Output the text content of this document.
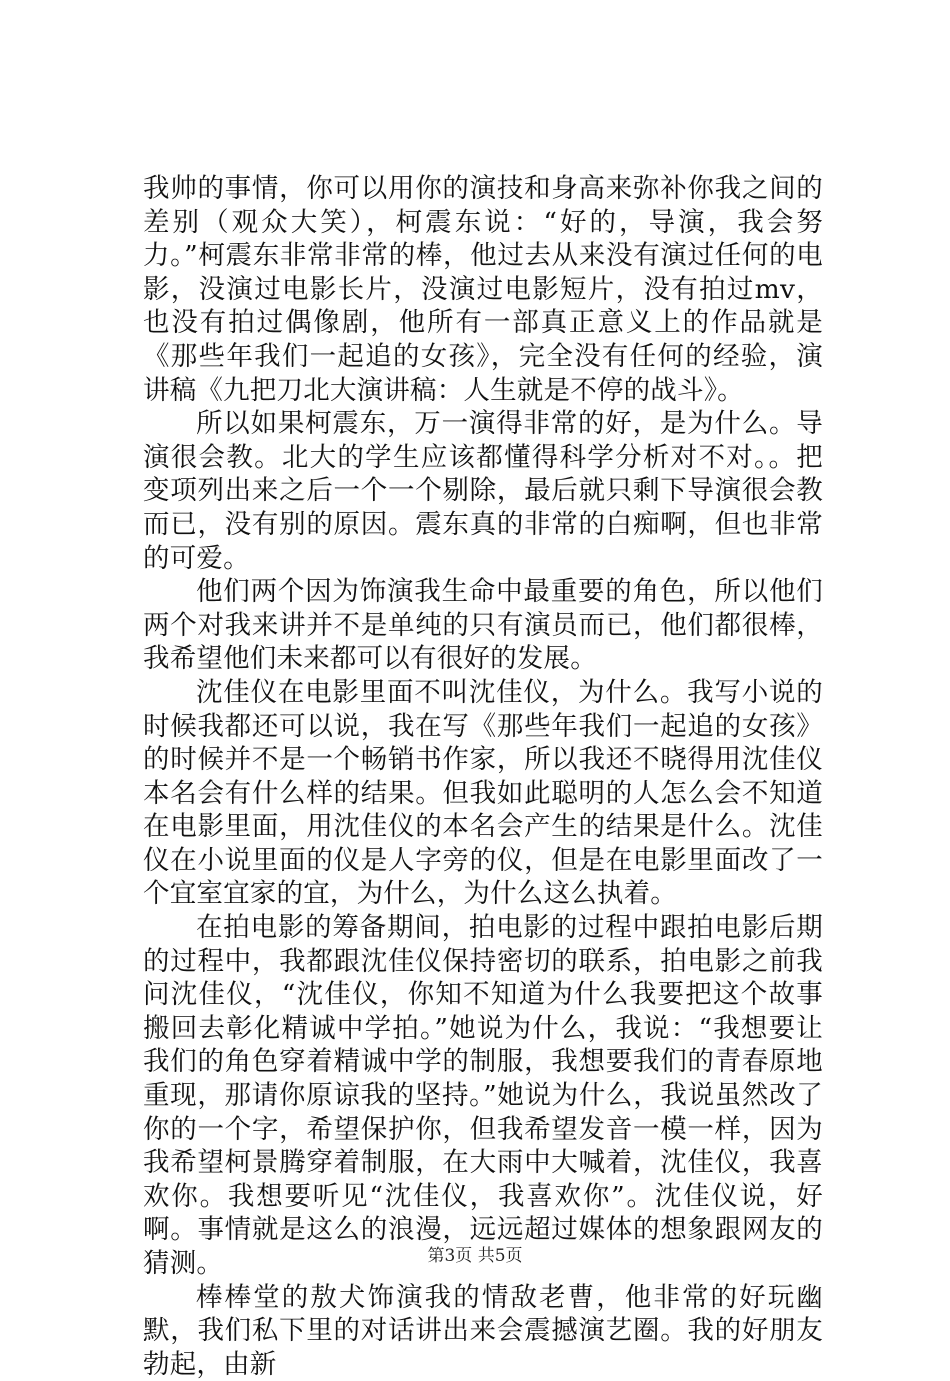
我帅的事情，你可以用你的演技和身高来弥补你我之间的差别（观众大笑），柯震东说：“好的，导演，我会努力。”柯震东非常非常的棒，他过去从来没有演过任何的电影，没演过电影长片，没演过电影短片，没有拍过mv，也没有拍过偶像剧，他所有一部真正意义上的作品就是《那些年我们一起追的女孩》，完全没有任何的经验，演讲稿《九把刀北大演讲稿：人生就是不停的战斗》。

所以如果柯震东，万一演得非常的好，是为什么。导演很会教。北大的学生应该都懂得科学分析对不对。。把变项列出来之后一个一个剔除，最后就只剩下导演很会教而已，没有别的原因。震东真的非常的白痴啊，但也非常的可爱。

他们两个因为饰演我生命中最重要的角色，所以他们两个对我来讲并不是单纯的只有演员而已，他们都很棒，我希望他们未来都可以有很好的发展。

沈佳仪在电影里面不叫沈佳仪，为什么。我写小说的时候我都还可以说，我在写《那些年我们一起追的女孩》的时候并不是一个畅销书作家，所以我还不晓得用沈佳仪本名会有什么样的结果。但我如此聪明的人怎么会不知道在电影里面，用沈佳仪的本名会产生的结果是什么。沈佳仪在小说里面的仪是人字旁的仪，但是在电影里面改了一个宜室宜家的宜，为什么，为什么这么执着。

在拍电影的筹备期间，拍电影的过程中跟拍电影后期的过程中，我都跟沈佳仪保持密切的联系，拍电影之前我问沈佳仪，“沈佳仪，你知不知道为什么我要把这个故事搬回去彰化精诚中学拍。”她说为什么，我说：“我想要让我们的角色穿着精诚中学的制服，我想要我们的青春原地重现，那请你原谅我的坚持。”她说为什么，我说虽然改了你的一个字，希望保护你，但我希望发音一模一样，因为我希望柯景腾穿着制服，在大雨中大喊着，沈佳仪，我喜欢你。我想要听见“沈佳仪，我喜欢你”。沈佳仪说，好啊。事情就是这么的浪漫，远远超过媒体的想象跟网友的猜测。

棒棒堂的敖犬饰演我的情敌老曹，他非常的好玩幽默，我们私下里的对话讲出来会震撼演艺圈。我的好朋友勃起，由新

第3页 共5页
